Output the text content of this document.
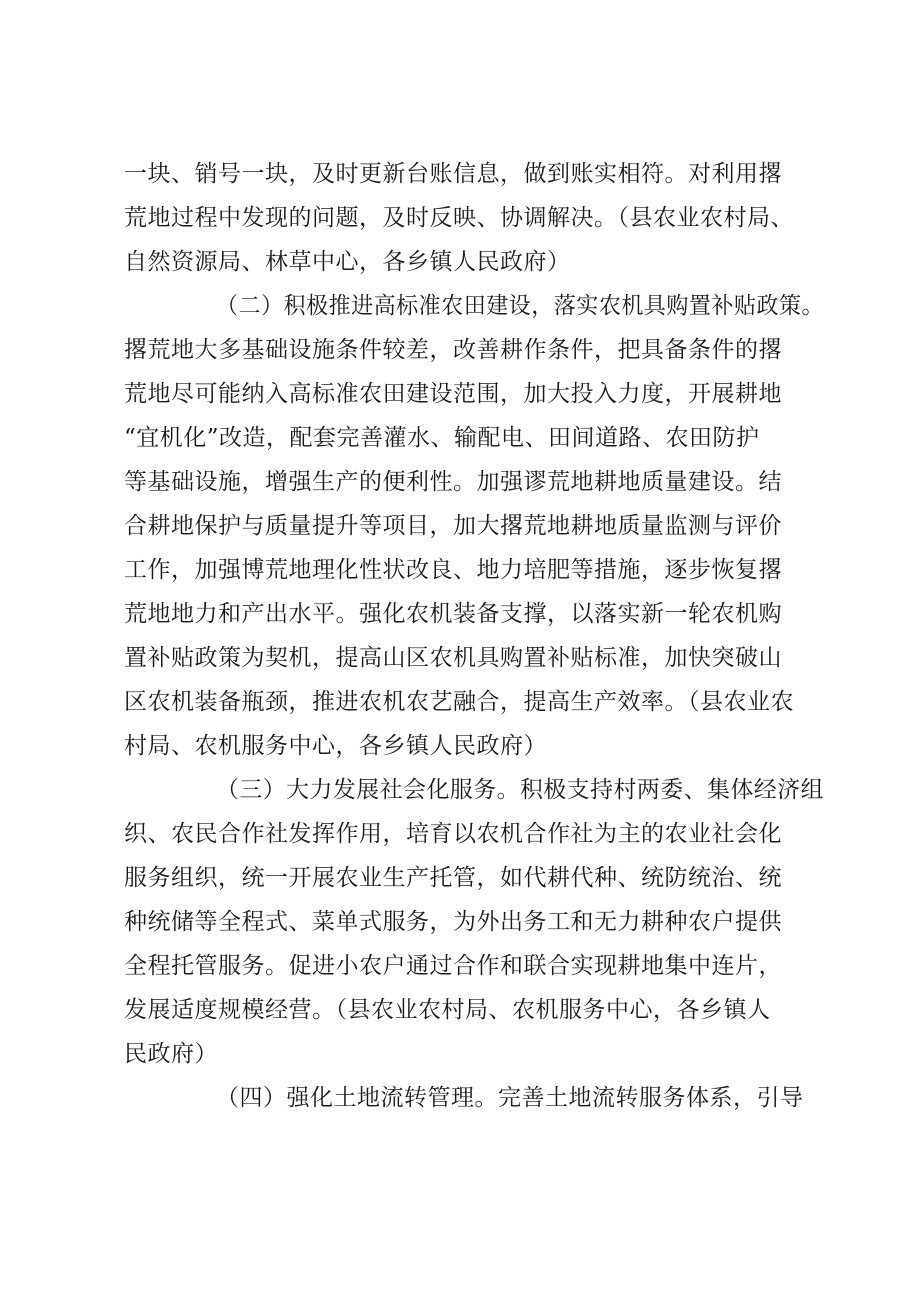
一块、销号一块，及时更新台账信息，做到账实相符。对利用撂
荒地过程中发现的问题，及时反映、协调解决。（县农业农村局、
自然资源局、林草中心，各乡镇人民政府）
（二）积极推进高标准农田建设，落实农机具购置补贴政策。
撂荒地大多基础设施条件较差，改善耕作条件，把具备条件的撂
荒地尽可能纳入高标准农田建设范围，加大投入力度，开展耕地
“宜机化”改造，配套完善灌水、输配电、田间道路、农田防护
等基础设施，增强生产的便利性。加强谬荒地耕地质量建设。结
合耕地保护与质量提升等项目，加大撂荒地耕地质量监测与评价
工作，加强博荒地理化性状改良、地力培肥等措施，逐步恢复撂
荒地地力和产出水平。强化农机装备支撑，以落实新一轮农机购
置补贴政策为契机，提高山区农机具购置补贴标准，加快突破山
区农机装备瓶颈，推进农机农艺融合，提高生产效率。（县农业农
村局、农机服务中心，各乡镇人民政府）
（三）大力发展社会化服务。积极支持村两委、集体经济组
织、农民合作社发挥作用，培育以农机合作社为主的农业社会化
服务组织，统一开展农业生产托管，如代耕代种、统防统治、统
种统储等全程式、菜单式服务，为外出务工和无力耕种农户提供
全程托管服务。促进小农户通过合作和联合实现耕地集中连片，
发展适度规模经营。（县农业农村局、农机服务中心，各乡镇人
民政府）
（四）强化土地流转管理。完善土地流转服务体系，引导
